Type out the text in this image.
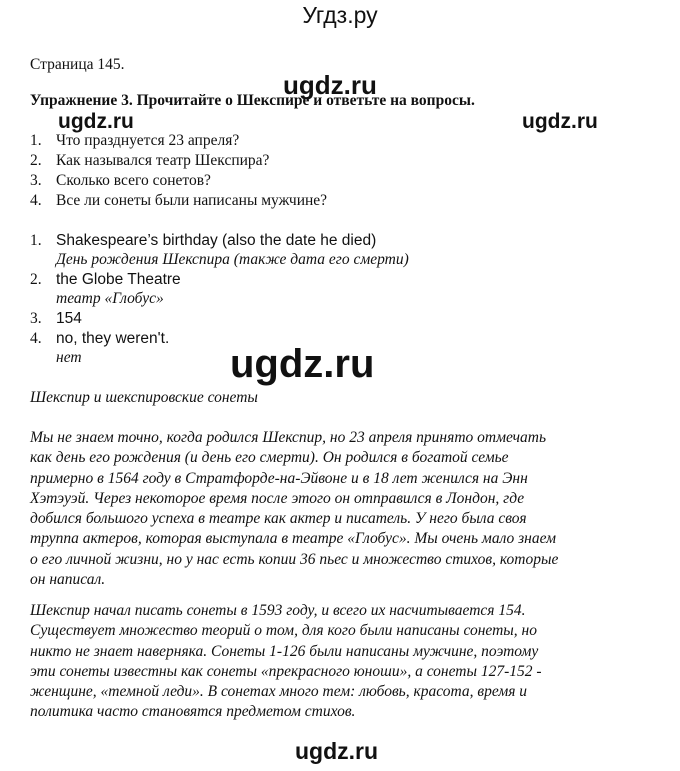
Угдз.ру
Страница 145.
ugdz.ru
Упражнение 3. Прочитайте о Шекспире и ответьте на вопросы.
ugdz.ru	ugdz.ru
1. Что празднуется 23 апреля?
2. Как назывался театр Шекспира?
3. Сколько всего сонетов?
4. Все ли сонеты были написаны мужчине?
1. Shakespeare’s birthday (also the date he died)
День рождения Шекспира (также дата его смерти)
2. the Globe Theatre
театр «Глобус»
3. 154
4. no, they weren't.
нет	ugdz.ru
Шекспир и шекспировские сонеты
Мы не знаем точно, когда родился Шекспир, но 23 апреля принято отмечать
как день его рождения (и день его смерти). Он родился в богатой семье
примерно в 1564 году в Стратфорде-на-Эйвоне и в 18 лет женился на Энн
Хэтэуэй. Через некоторое время после этого он отправился в Лондон, где
добился большого успеха в театре как актер и писатель. У него была своя
труппа актеров, которая выступала в театре «Глобус». Мы очень мало знаем
о его личной жизни, но у нас есть копии 36 пьес и множество стихов, которые
он написал.
Шекспир начал писать сонеты в 1593 году, и всего их насчитывается 154.
Существует множество теорий о том, для кого были написаны сонеты, но
никто не знает наверняка. Сонеты 1-126 были написаны мужчине, поэтому
эти сонеты известны как сонеты «прекрасного юноши», а сонеты 127-152 -
женщине, «темной леди». В сонетах много тем: любовь, красота, время и
политика часто становятся предметом стихов.
ugdz.ru
